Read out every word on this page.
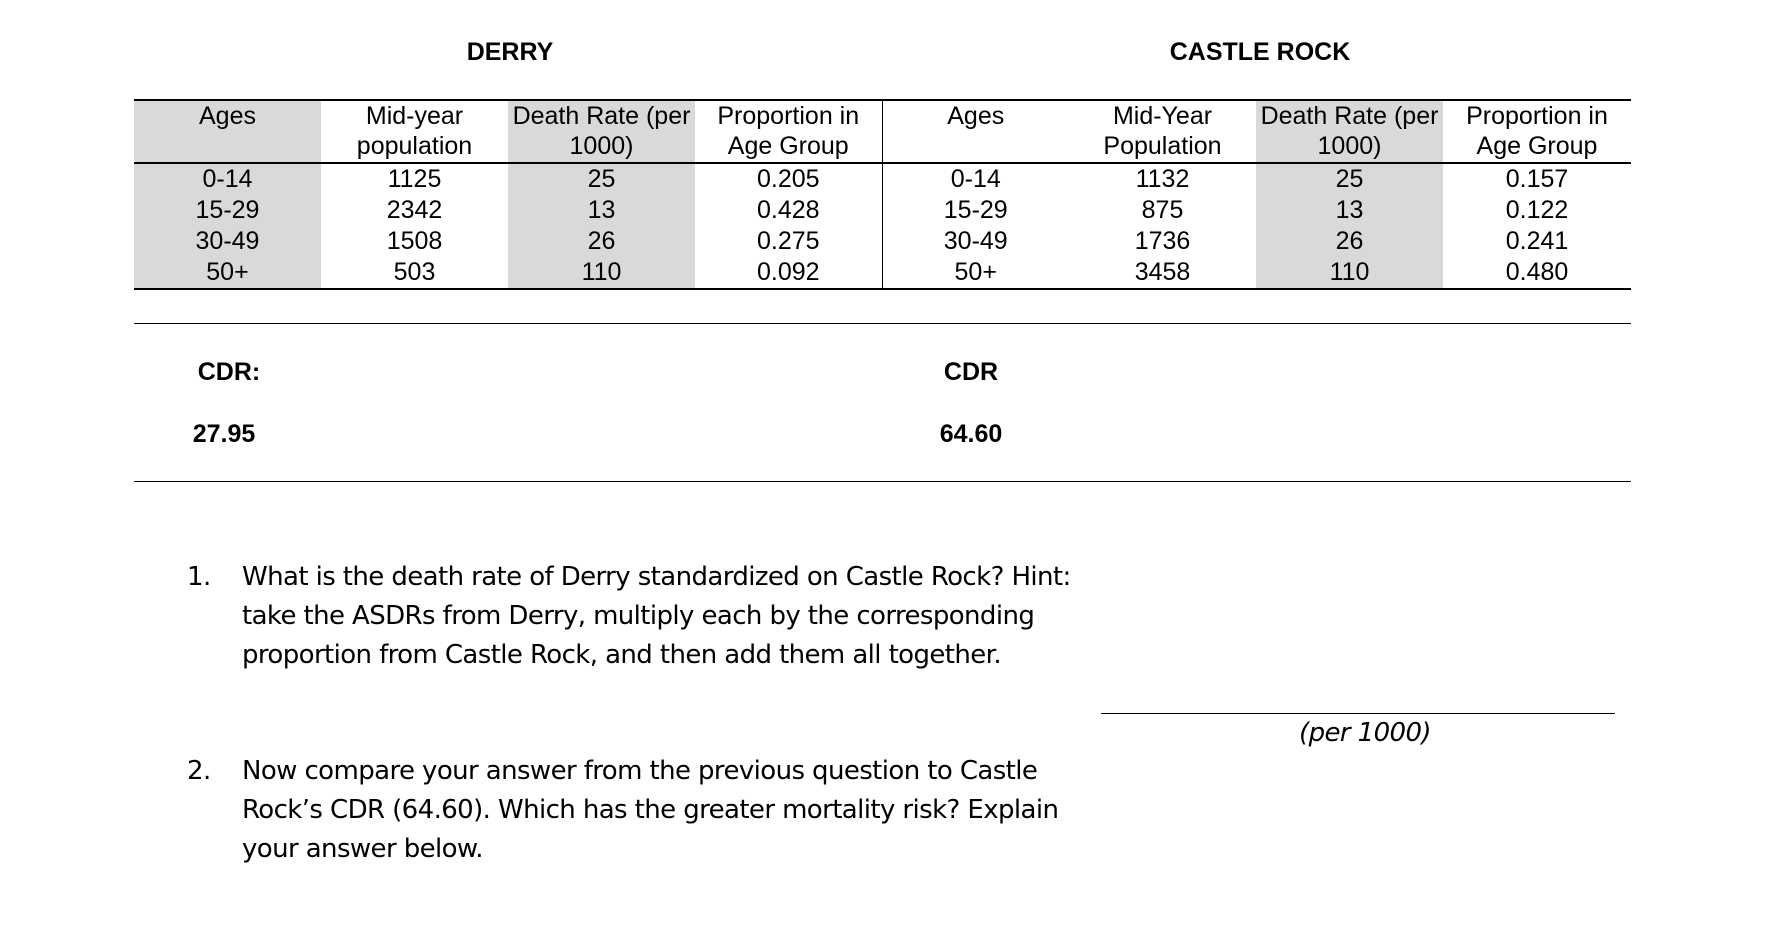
DERRY	CASTLE ROCK
Ages	Mid-year population	Death Rate (per 1000)	Proportion in Age Group	Ages	Mid-Year Population	Death Rate (per 1000)	Proportion in Age Group
0-14	1125	25	0.205	0-14	1132	25	0.157
15-29	2342	13	0.428	15-29	875	13	0.122
30-49	1508	26	0.275	30-49	1736	26	0.241
50+	503	110	0.092	50+	3458	110	0.480
CDR:
27.95
CDR
64.60
1. What is the death rate of Derry standardized on Castle Rock? Hint: take the ASDRs from Derry, multiply each by the corresponding proportion from Castle Rock, and then add them all together.
2. Now compare your answer from the previous question to Castle Rock’s CDR (64.60). Which has the greater mortality risk? Explain your answer below.
(per 1000)
